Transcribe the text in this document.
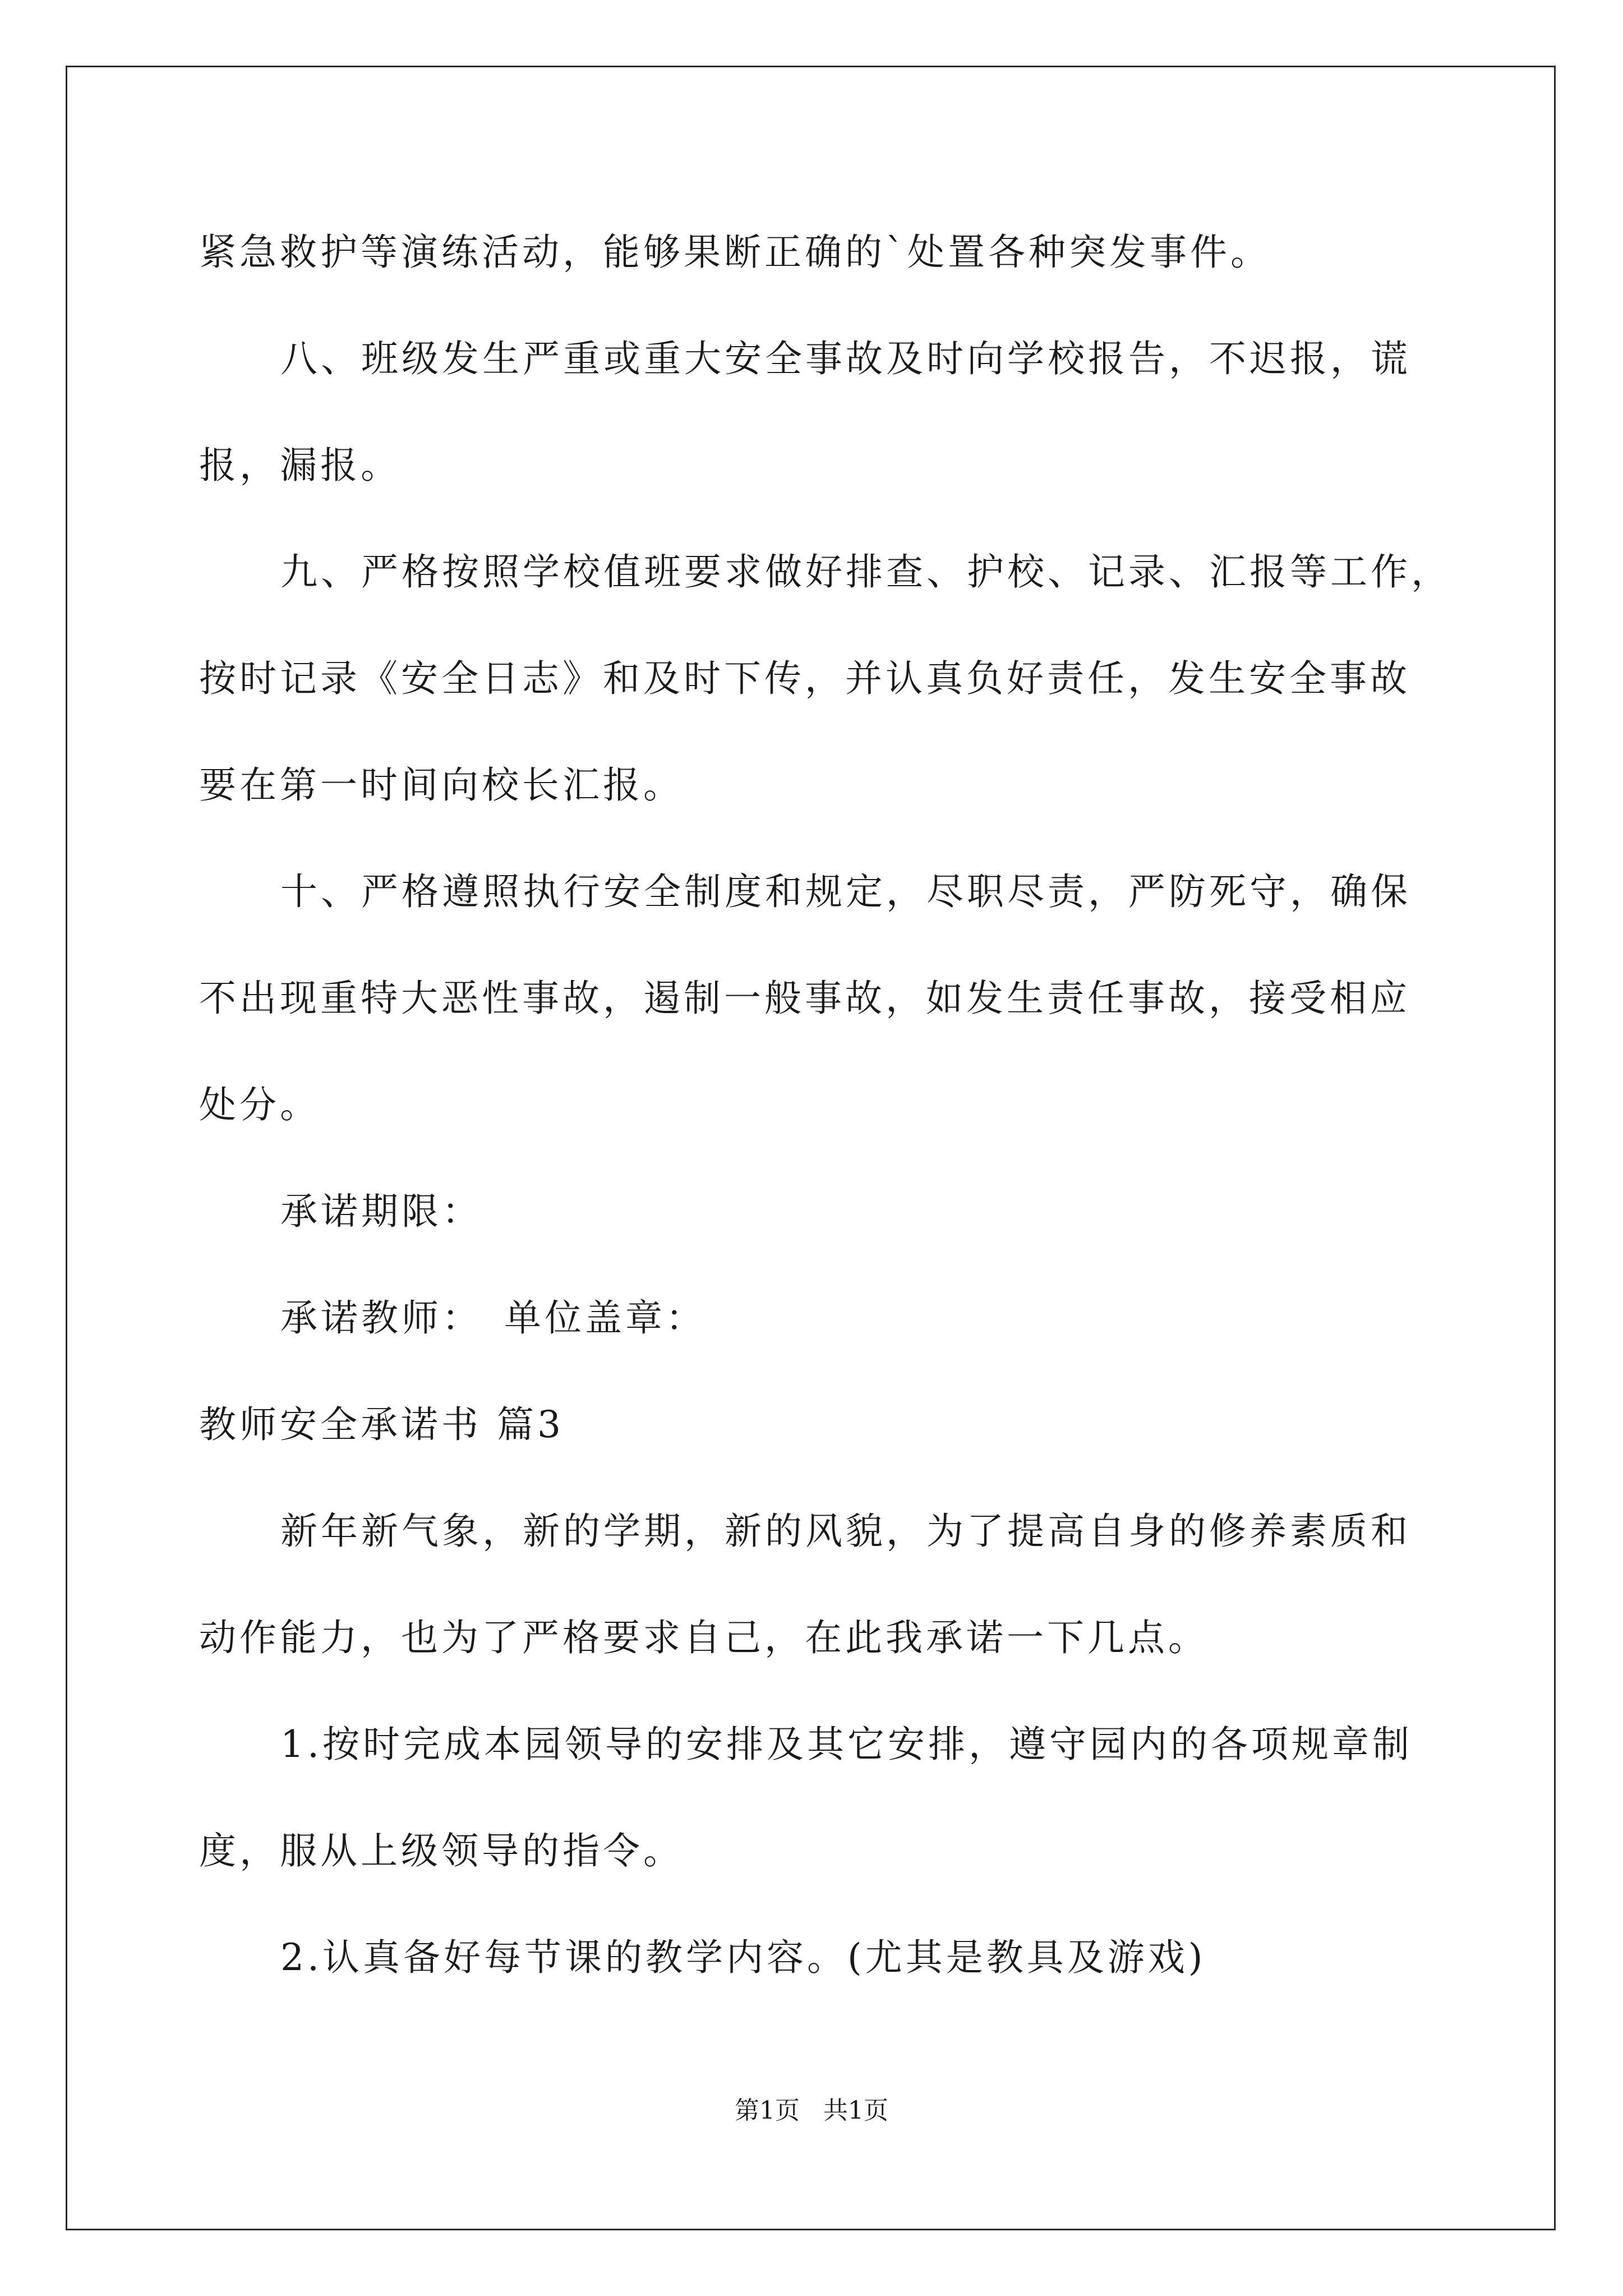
紧急救护等演练活动，能够果断正确的`处置各种突发事件。
八、班级发生严重或重大安全事故及时向学校报告，不迟报，谎
报，漏报。
九、严格按照学校值班要求做好排查、护校、记录、汇报等工作，
按时记录《安全日志》和及时下传，并认真负好责任，发生安全事故
要在第一时间向校长汇报。
十、严格遵照执行安全制度和规定，尽职尽责，严防死守，确保
不出现重特大恶性事故，遏制一般事故，如发生责任事故，接受相应
处分。
承诺期限：
承诺教师：　单位盖章：
教师安全承诺书 篇3
新年新气象，新的学期，新的风貌，为了提高自身的修养素质和
动作能力，也为了严格要求自己，在此我承诺一下几点。
1.按时完成本园领导的安排及其它安排，遵守园内的各项规章制
度，服从上级领导的指令。
2.认真备好每节课的教学内容。(尤其是教具及游戏)
第1页 共1页
